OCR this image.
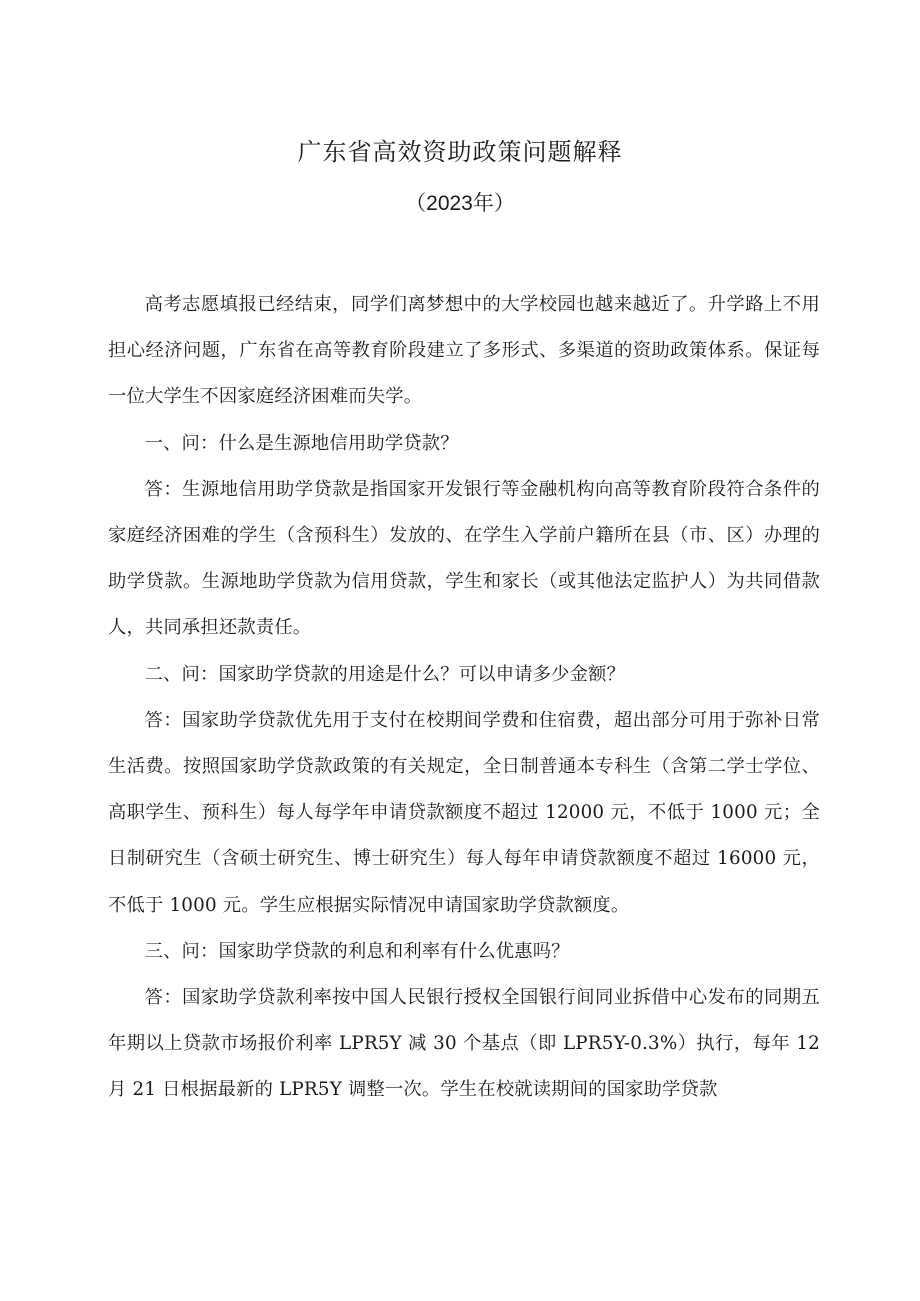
广东省高效资助政策问题解释
（2023年）

高考志愿填报已经结束，同学们离梦想中的大学校园也越来越近了。升学路上不用担心经济问题，广东省在高等教育阶段建立了多形式、多渠道的资助政策体系。保证每一位大学生不因家庭经济困难而失学。

一、问：什么是生源地信用助学贷款？

答：生源地信用助学贷款是指国家开发银行等金融机构向高等教育阶段符合条件的家庭经济困难的学生（含预科生）发放的、在学生入学前户籍所在县（市、区）办理的助学贷款。生源地助学贷款为信用贷款，学生和家长（或其他法定监护人）为共同借款人，共同承担还款责任。

二、问：国家助学贷款的用途是什么？可以申请多少金额？

答：国家助学贷款优先用于支付在校期间学费和住宿费，超出部分可用于弥补日常生活费。按照国家助学贷款政策的有关规定，全日制普通本专科生（含第二学士学位、高职学生、预科生）每人每学年申请贷款额度不超过 12000 元，不低于 1000 元；全日制研究生（含硕士研究生、博士研究生）每人每年申请贷款额度不超过 16000 元，不低于 1000 元。学生应根据实际情况申请国家助学贷款额度。

三、问：国家助学贷款的利息和利率有什么优惠吗？

答：国家助学贷款利率按中国人民银行授权全国银行间同业拆借中心发布的同期五年期以上贷款市场报价利率 LPR5Y 减 30 个基点（即 LPR5Y-0.3%）执行，每年 12 月 21 日根据最新的 LPR5Y 调整一次。学生在校就读期间的国家助学贷款
